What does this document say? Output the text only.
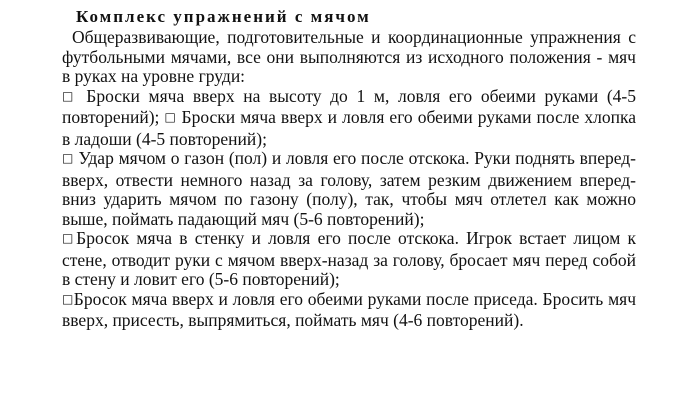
Комплекс упражнений с мячом

Общеразвивающие, подготовительные и координационные упражнения с футбольными мячами, все они выполняются из исходного положения - мяч в руках на уровне груди:

□ Броски мяча вверх на высоту до 1 м, ловля его обеими руками (4-5 повторений); □ Броски мяча вверх и ловля его обеими руками после хлопка в ладоши (4-5 повторений);

□ Удар мячом о газон (пол) и ловля его после отскока. Руки поднять вперед-вверх, отвести немного назад за голову, затем резким движением вперед-вниз ударить мячом по газону (полу), так, чтобы мяч отлетел как можно выше, поймать падающий мяч (5-6 повторений);

□Бросок мяча в стенку и ловля его после отскока. Игрок встает лицом к стене, отводит руки с мячом вверх-назад за голову, бросает мяч перед собой в стену и ловит его (5-6 повторений);

□Бросок мяча вверх и ловля его обеими руками после приседа. Бросить мяч вверх, присесть, выпрямиться, поймать мяч (4-6 повторений).
